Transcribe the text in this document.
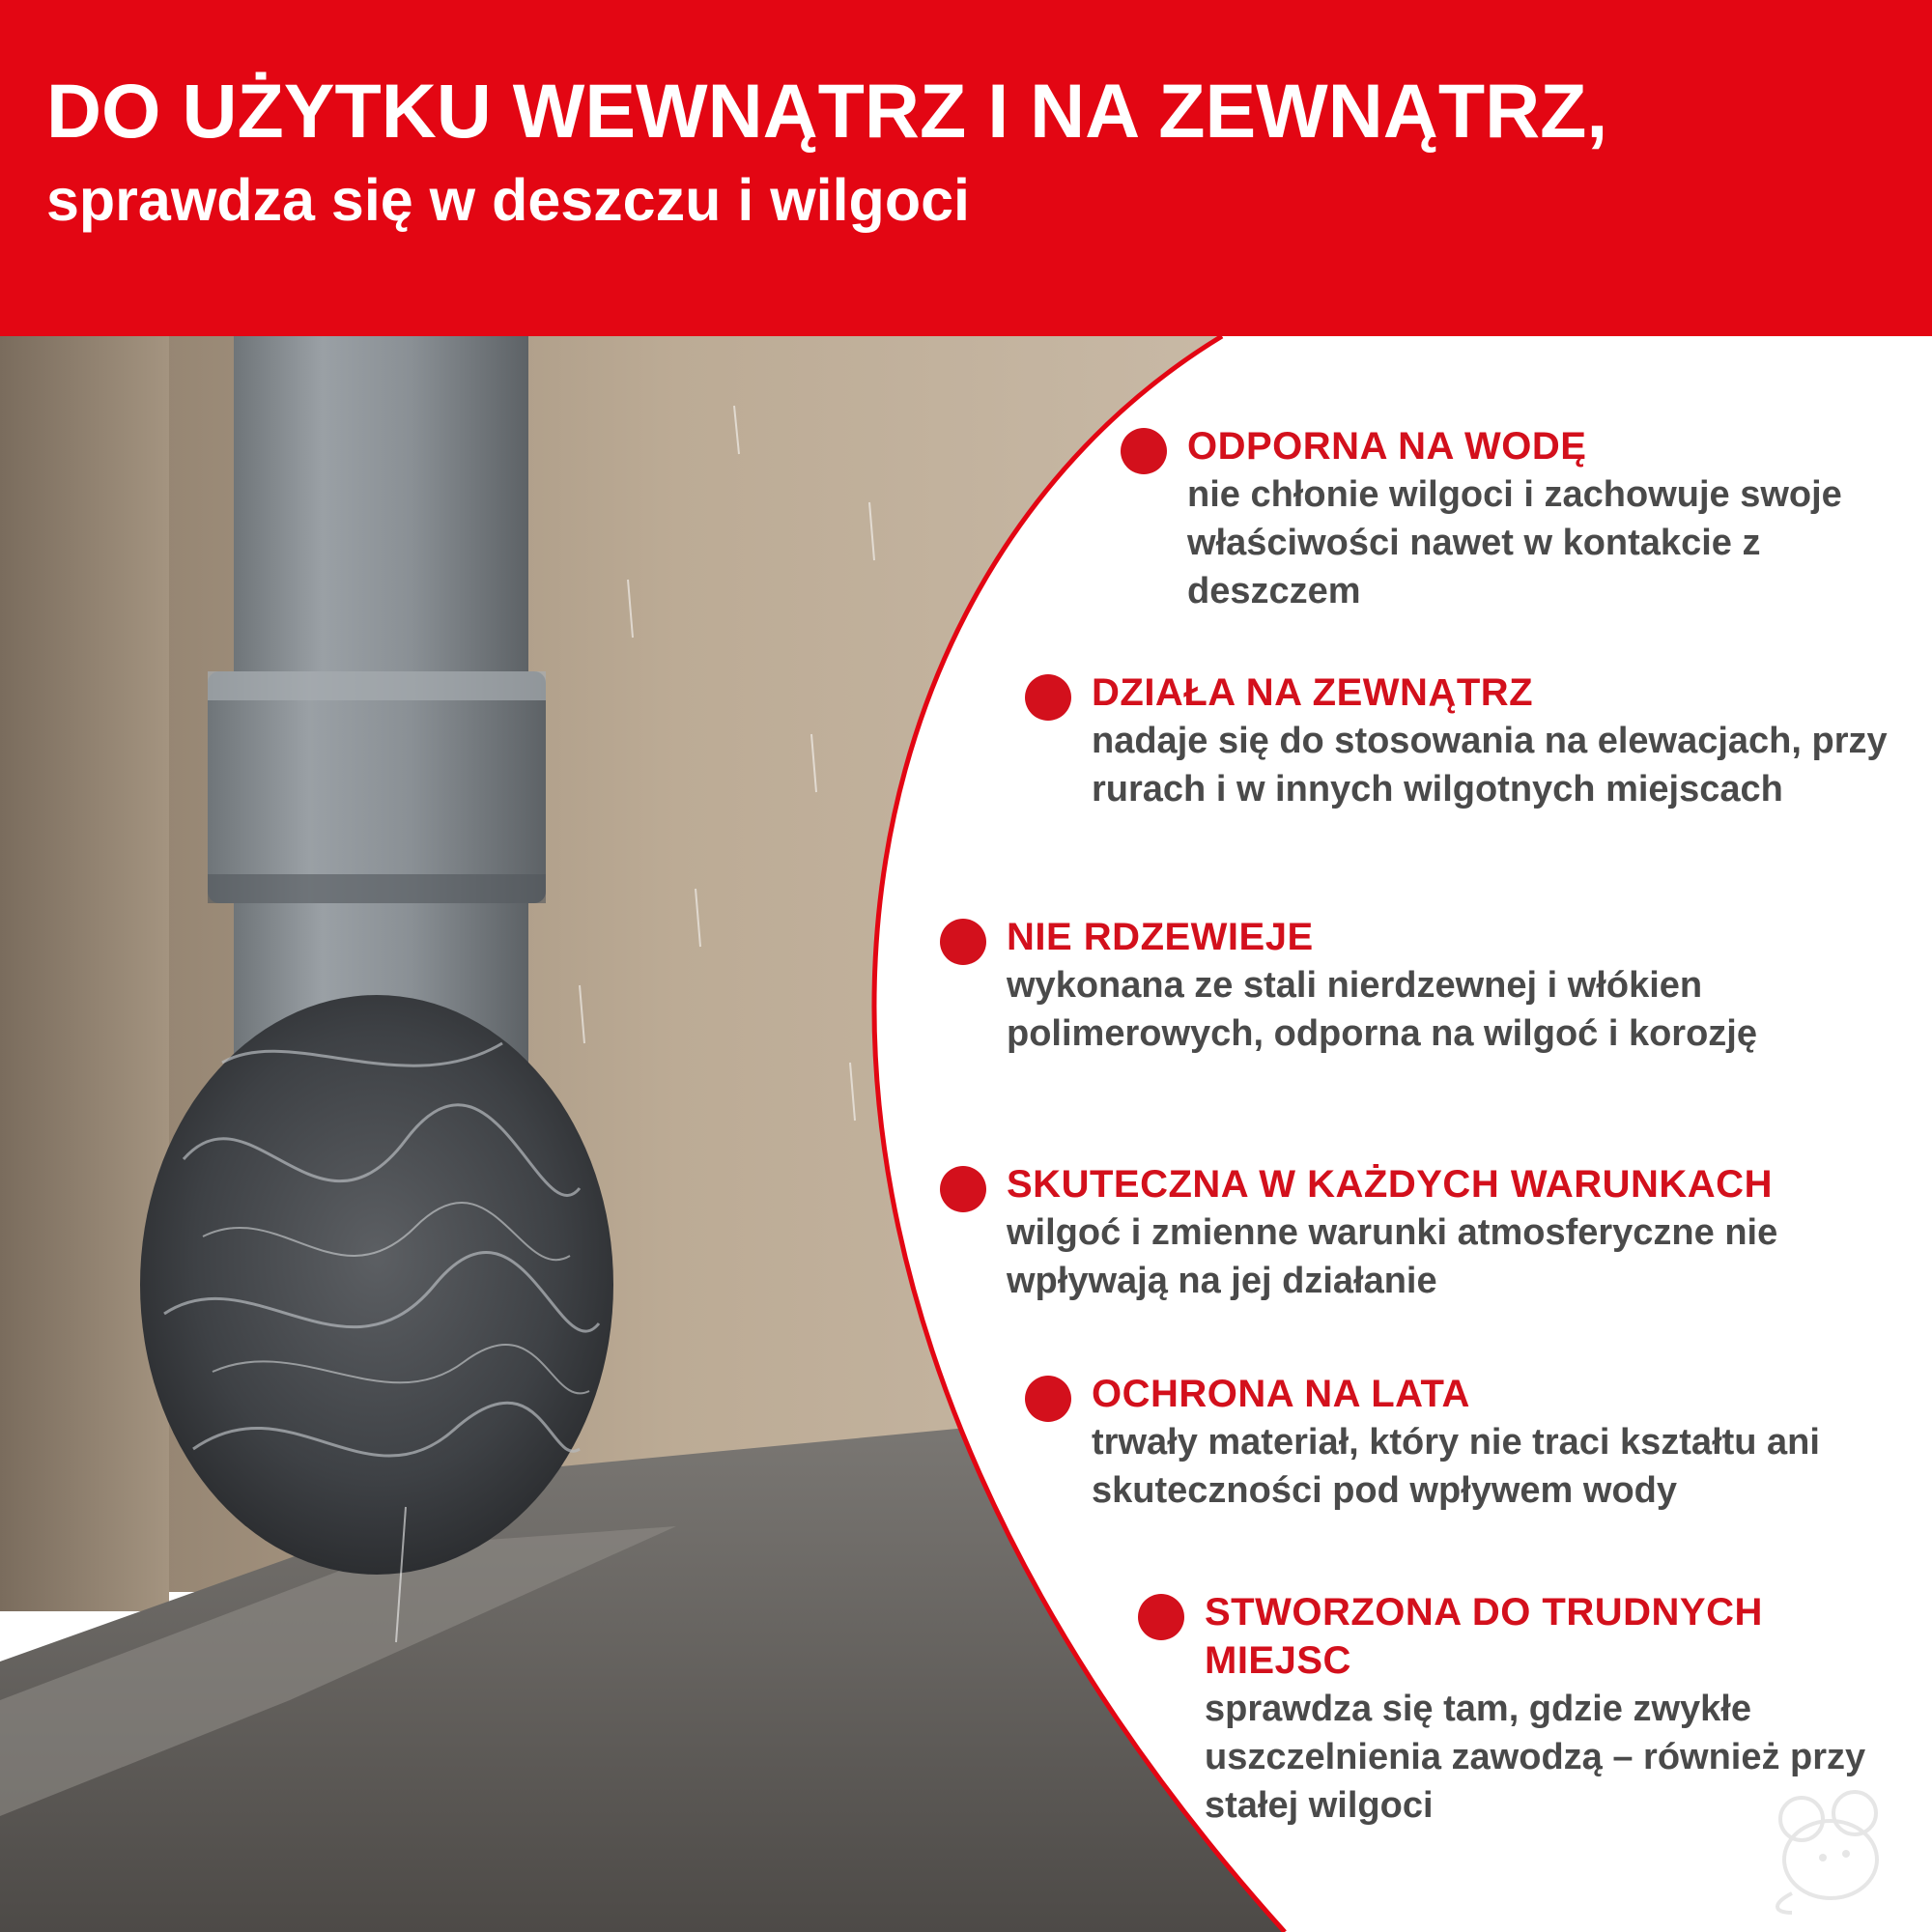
DO UŻYTKU WEWNĄTRZ I NA ZEWNĄTRZ,
sprawdza się w deszczu i wilgoci
ODPORNA NA WODĘ
nie chłonie wilgoci i zachowuje swoje właściwości nawet w kontakcie z deszczem
DZIAŁA NA ZEWNĄTRZ
nadaje się do stosowania na elewacjach, przy rurach i w innych wilgotnych miejscach
NIE RDZEWIEJE
wykonana ze stali nierdzewnej i włókien polimerowych, odporna na wilgoć i korozję
SKUTECZNA W KAŻDYCH WARUNKACH
wilgoć i zmienne warunki atmosferyczne nie wpływają na jej działanie
OCHRONA NA LATA
trwały materiał, który nie traci kształtu ani skuteczności pod wpływem wody
STWORZONA DO TRUDNYCH MIEJSC
sprawdza się tam, gdzie zwykłe uszczelnienia zawodzą – również przy stałej wilgoci
